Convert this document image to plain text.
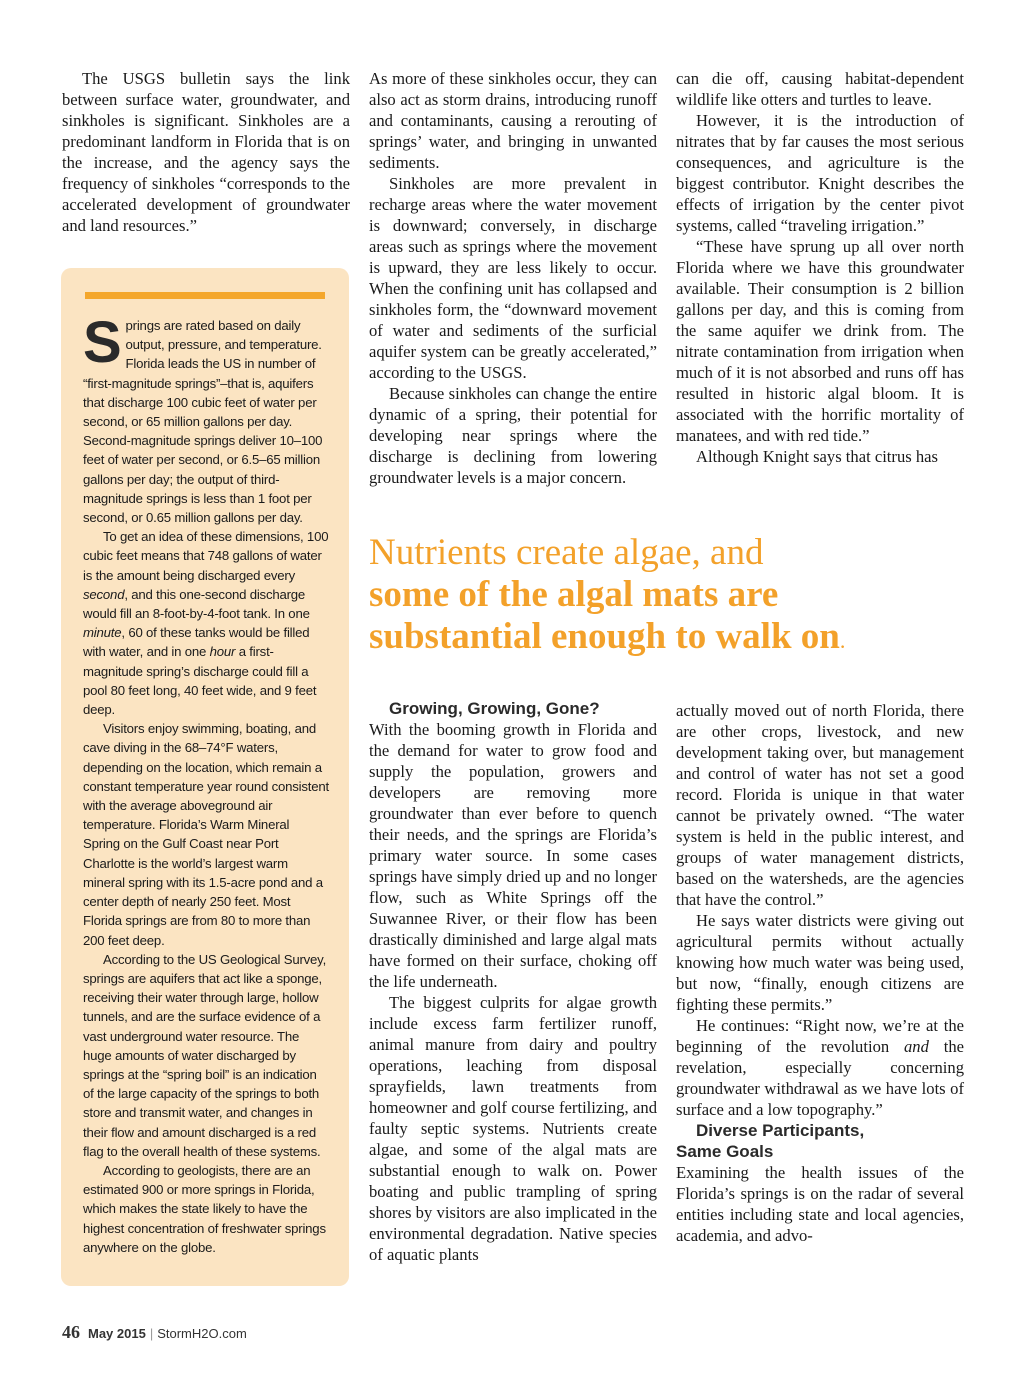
The USGS bulletin says the link between surface water, groundwater, and sinkholes is significant. Sinkholes are a predominant landform in Florida that is on the increase, and the agency says the frequency of sinkholes “corresponds to the accelerated development of groundwater and land resources.”

Springs are rated based on daily output, pressure, and temperature. Florida leads the US in number of “first-magnitude springs”–that is, aquifers that discharge 100 cubic feet of water per second, or 65 million gallons per day. Second-magnitude springs deliver 10–100 feet of water per second, or 6.5–65 million gallons per day; the output of third-magnitude springs is less than 1 foot per second, or 0.65 million gallons per day.

To get an idea of these dimensions, 100 cubic feet means that 748 gallons of water is the amount being discharged every second, and this one-second discharge would fill an 8-foot-by-4-foot tank. In one minute, 60 of these tanks would be filled with water, and in one hour a first-magnitude spring’s discharge could fill a pool 80 feet long, 40 feet wide, and 9 feet deep.

Visitors enjoy swimming, boating, and cave diving in the 68–74°F waters, depending on the location, which remain a constant temperature year round consistent with the average aboveground air temperature. Florida’s Warm Mineral Spring on the Gulf Coast near Port Charlotte is the world’s largest warm mineral spring with its 1.5-acre pond and a center depth of nearly 250 feet. Most Florida springs are from 80 to more than 200 feet deep.

According to the US Geological Survey, springs are aquifers that act like a sponge, receiving their water through large, hollow tunnels, and are the surface evidence of a vast underground water resource. The huge amounts of water discharged by springs at the “spring boil” is an indication of the large capacity of the springs to both store and transmit water, and changes in their flow and amount discharged is a red flag to the overall health of these systems.

According to geologists, there are an estimated 900 or more springs in Florida, which makes the state likely to have the highest concentration of freshwater springs anywhere on the globe.

As more of these sinkholes occur, they can also act as storm drains, introducing runoff and contaminants, causing a rerouting of springs’ water, and bringing in unwanted sediments.

Sinkholes are more prevalent in recharge areas where the water movement is downward; conversely, in discharge areas such as springs where the movement is upward, they are less likely to occur. When the confining unit has collapsed and sinkholes form, the “downward movement of water and sediments of the surficial aquifer system can be greatly accelerated,” according to the USGS.

Because sinkholes can change the entire dynamic of a spring, their potential for developing near springs where the discharge is declining from lowering groundwater levels is a major concern.

can die off, causing habitat-dependent wildlife like otters and turtles to leave.

However, it is the introduction of nitrates that by far causes the most serious consequences, and agriculture is the biggest contributor. Knight describes the effects of irrigation by the center pivot systems, called “traveling irrigation.”

“These have sprung up all over north Florida where we have this groundwater available. Their consumption is 2 billion gallons per day, and this is coming from the same aquifer we drink from. The nitrate contamination from irrigation when much of it is not absorbed and runs off has resulted in historic algal bloom. It is associated with the horrific mortality of manatees, and with red tide.”

Although Knight says that citrus has

Nutrients create algae, and
some of the algal mats are
substantial enough to walk on.

Growing, Growing, Gone?

With the booming growth in Florida and the demand for water to grow food and supply the population, growers and developers are removing more groundwater than ever before to quench their needs, and the springs are Florida’s primary water source. In some cases springs have simply dried up and no longer flow, such as White Springs off the Suwannee River, or their flow has been drastically diminished and large algal mats have formed on their surface, choking off the life underneath.

The biggest culprits for algae growth include excess farm fertilizer runoff, animal manure from dairy and poultry operations, leaching from disposal sprayfields, lawn treatments from homeowner and golf course fertilizing, and faulty septic systems. Nutrients create algae, and some of the algal mats are substantial enough to walk on. Power boating and public trampling of spring shores by visitors are also implicated in the environmental degradation. Native species of aquatic plants

actually moved out of north Florida, there are other crops, livestock, and new development taking over, but management and control of water has not set a good record. Florida is unique in that water cannot be privately owned. “The water system is held in the public interest, and groups of water management districts, based on the watersheds, are the agencies that have the control.”

He says water districts were giving out agricultural permits without actually knowing how much water was being used, but now, “finally, enough citizens are fighting these permits.”

He continues: “Right now, we’re at the beginning of the revolution and the revelation, especially concerning groundwater withdrawal as we have lots of surface and a low topography.”

Diverse Participants,
Same Goals

Examining the health issues of the Florida’s springs is on the radar of several entities including state and local agencies, academia, and advo-

46 May 2015 | StormH2O.com
